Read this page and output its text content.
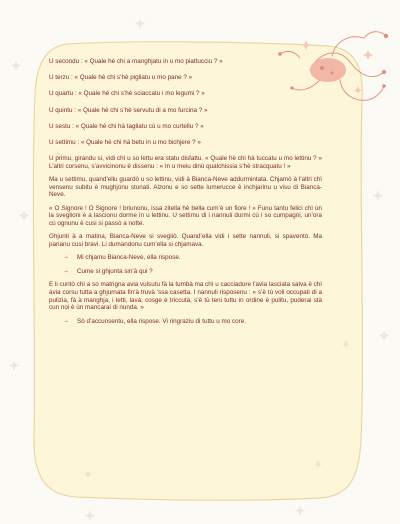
U secondu : « Quale hè chi a manghjatu in u mo piattucciu ? »

U terzu : « Quale hè chi s’hè pigliatu u mo pane ? »

U quartu : « Quale hè chi s’hè sciaccatu i mo legumi ? »

U quintu : « Quale hè chi s’hè servutu di a mo furcina ? »

U sestu : « Quale hè chi hà tagliatu cù u mo curtellu ? »

U settimu : « Quale hè chi hà betu in u mo bichjere ? »

U primu, girandu si, vidi chì u so lettu era statu disfattu. « Quale hè chi hà tuccatu u mo lettinu ? » L’altri corsenu, s’avvicinonu è dissenu : « In u meiu dinù qualchissia s’hè stracquatu ! »

Ma u settimu, quand’ellu guardò u so lettinu, vidi à Bianca-Neve addurmintata. Chjamò à l’altri chì vensenu subitu è mughjonu stunati. Alzonu e so sette lumerucce è inchjarinu u visu di Bianca-Neve.

« O Signore ! O Signore ! briunonu, issa zitella hè bella cum’è un fiore ! » Funu tantu felici chì ùn la sveglioni è a lascionu dorme in u lettinu. U settimu di i nannuli durmi cù i so cumpagni, un’ora cù ognunu è cusi si passò a notte.

Ghjunti à a matina, Bianca-Neve si svegliò. Quand’ella vidi i sette nannuli, si spaventò. Ma parianu cusi bravi. Li dumandonu cum’ella si chjamava.

→	Mi chjamu Bianca-Neve, ella rispose.
→	Cume si ghjunta sin’à qui ?

E li cuntò chì a so matrigna avia vulsutu fà la tumbà ma chì u cacciadore l’avia lasciata salva è chì avia corsu tutta a ghjurnata fin’à truvà ’ssa casetta. I nannuli risposenu : « s’è tù voli occupati di a pulizia, fà à manghja, i letti, lavà, cosge è triccutà, s’è tù teni tuttu in ordine è pulitu, puderai stà cun noi è ùn mancarai di nunda. »

→	Sò d’accunsentu, ella rispose. Vi ringraziu di tuttu u mo core.
